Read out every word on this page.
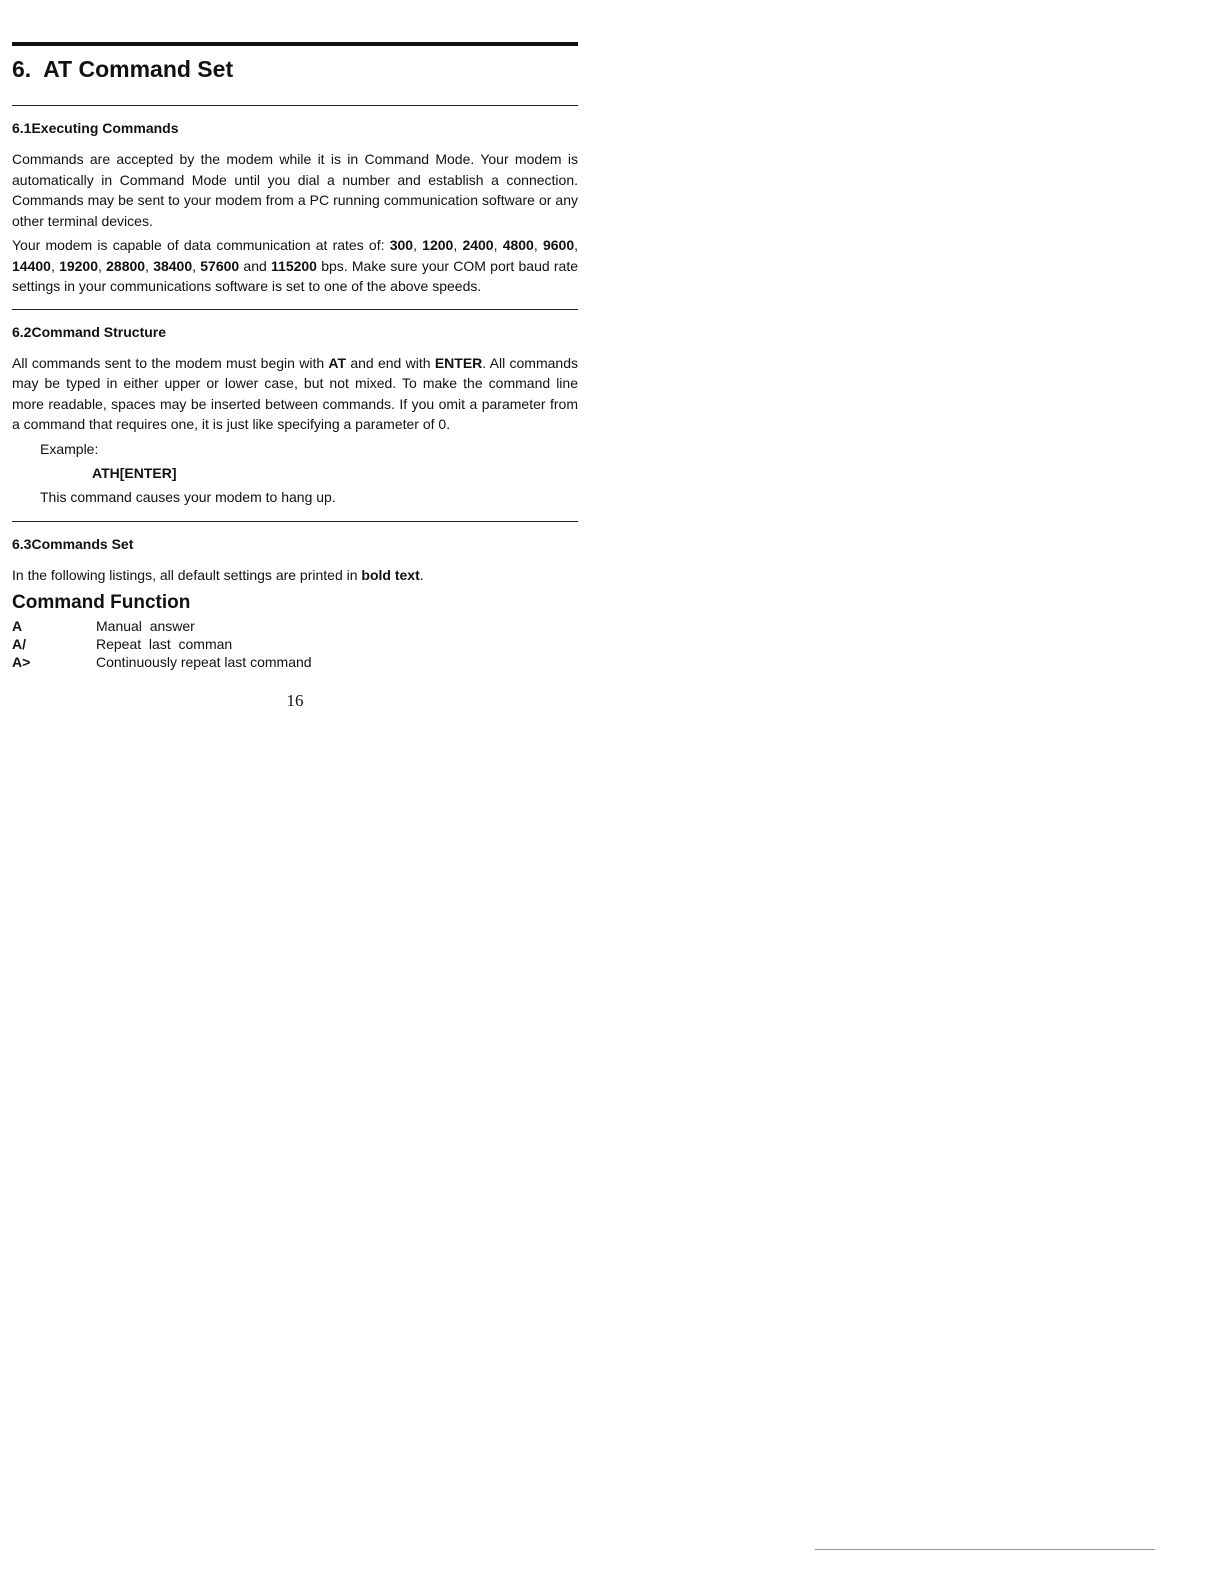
6. AT Command Set
6.1Executing Commands

Commands are accepted by the modem while it is in Command Mode. Your modem is automatically in Command Mode until you dial a number and establish a connection. Commands may be sent to your modem from a PC running communication software or any other terminal devices.

Your modem is capable of data communication at rates of: 300, 1200, 2400, 4800, 9600, 14400, 19200, 28800, 38400, 57600 and 115200 bps. Make sure your COM port baud rate settings in your communications software is set to one of the above speeds.

6.2Command Structure

All commands sent to the modem must begin with AT and end with ENTER. All commands may be typed in either upper or lower case, but not mixed. To make the command line more readable, spaces may be inserted between commands. If you omit a parameter from a command that requires one, it is just like specifying a parameter of 0.

Example:
ATH[ENTER]
This command causes your modem to hang up.
6.3Commands Set

In the following listings, all default settings are printed in bold text.

Command Function
A	Manual  answer
A/	Repeat  last  comman
A>	Continuously repeat last command
16
